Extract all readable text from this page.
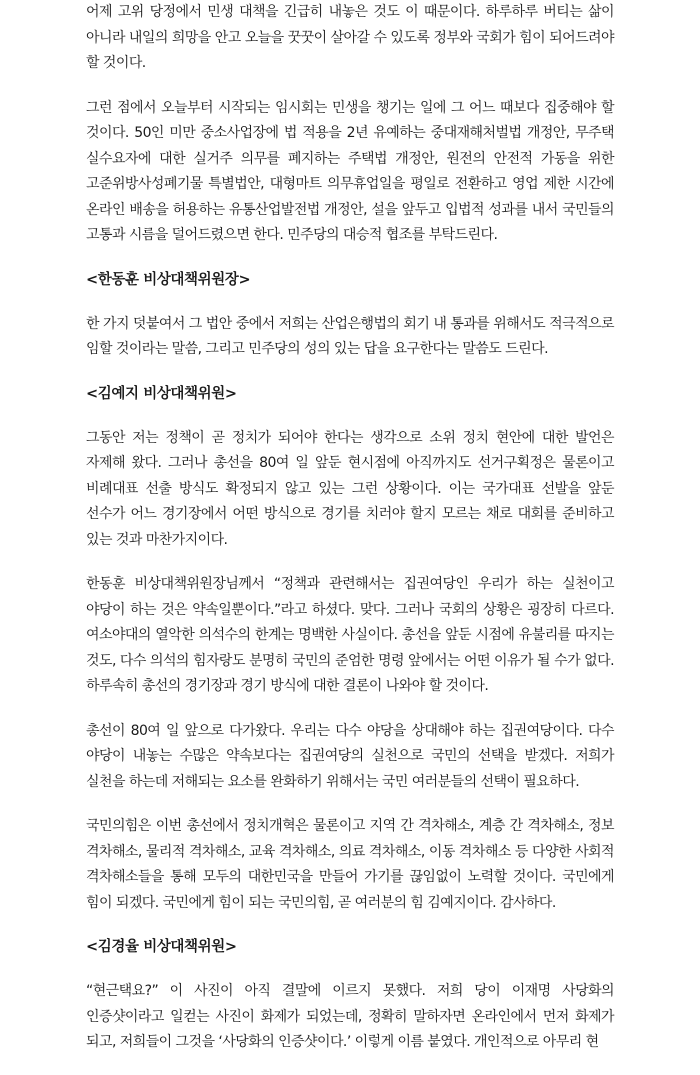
어제 고위 당정에서 민생 대책을 긴급히 내놓은 것도 이 때문이다. 하루하루 버티는 삶이 아니라 내일의 희망을 안고 오늘을 꿋꿋이 살아갈 수 있도록 정부와 국회가 힘이 되어드려야 할 것이다.

그런 점에서 오늘부터 시작되는 임시회는 민생을 챙기는 일에 그 어느 때보다 집중해야 할 것이다. 50인 미만 중소사업장에 법 적용을 2년 유예하는 중대재해처벌법 개정안, 무주택 실수요자에 대한 실거주 의무를 폐지하는 주택법 개정안, 원전의 안전적 가동을 위한 고준위방사성폐기물 특별법안, 대형마트 의무휴업일을 평일로 전환하고 영업 제한 시간에 온라인 배송을 허용하는 유통산업발전법 개정안, 설을 앞두고 입법적 성과를 내서 국민들의 고통과 시름을 덜어드렸으면 한다. 민주당의 대승적 협조를 부탁드린다.

<한동훈 비상대책위원장>

한 가지 덧붙여서 그 법안 중에서 저희는 산업은행법의 회기 내 통과를 위해서도 적극적으로 임할 것이라는 말씀, 그리고 민주당의 성의 있는 답을 요구한다는 말씀도 드린다.

<김예지 비상대책위원>

그동안 저는 정책이 곧 정치가 되어야 한다는 생각으로 소위 정치 현안에 대한 발언은 자제해 왔다. 그러나 총선을 80여 일 앞둔 현시점에 아직까지도 선거구획정은 물론이고 비례대표 선출 방식도 확정되지 않고 있는 그런 상황이다. 이는 국가대표 선발을 앞둔 선수가 어느 경기장에서 어떤 방식으로 경기를 치러야 할지 모르는 채로 대회를 준비하고 있는 것과 마찬가지이다.

한동훈 비상대책위원장님께서 “정책과 관련해서는 집권여당인 우리가 하는 실천이고 야당이 하는 것은 약속일뿐이다.”라고 하셨다. 맞다. 그러나 국회의 상황은 굉장히 다르다. 여소야대의 열악한 의석수의 한계는 명백한 사실이다. 총선을 앞둔 시점에 유불리를 따지는 것도, 다수 의석의 힘자랑도 분명히 국민의 준엄한 명령 앞에서는 어떤 이유가 될 수가 없다. 하루속히 총선의 경기장과 경기 방식에 대한 결론이 나와야 할 것이다.

총선이 80여 일 앞으로 다가왔다. 우리는 다수 야당을 상대해야 하는 집권여당이다. 다수 야당이 내놓는 수많은 약속보다는 집권여당의 실천으로 국민의 선택을 받겠다. 저희가 실천을 하는데 저해되는 요소를 완화하기 위해서는 국민 여러분들의 선택이 필요하다.

국민의힘은 이번 총선에서 정치개혁은 물론이고 지역 간 격차해소, 계층 간 격차해소, 정보 격차해소, 물리적 격차해소, 교육 격차해소, 의료 격차해소, 이동 격차해소 등 다양한 사회적 격차해소들을 통해 모두의 대한민국을 만들어 가기를 끊임없이 노력할 것이다. 국민에게 힘이 되겠다. 국민에게 힘이 되는 국민의힘, 곧 여러분의 힘 김예지이다. 감사하다.

<김경율 비상대책위원>

“현근택요?” 이 사진이 아직 결말에 이르지 못했다. 저희 당이 이재명 사당화의 인증샷이라고 일컫는 사진이 화제가 되었는데, 정확히 말하자면 온라인에서 먼저 화제가 되고, 저희들이 그것을 ‘사당화의 인증샷이다.’ 이렇게 이름 붙였다. 개인적으로 아무리 현
